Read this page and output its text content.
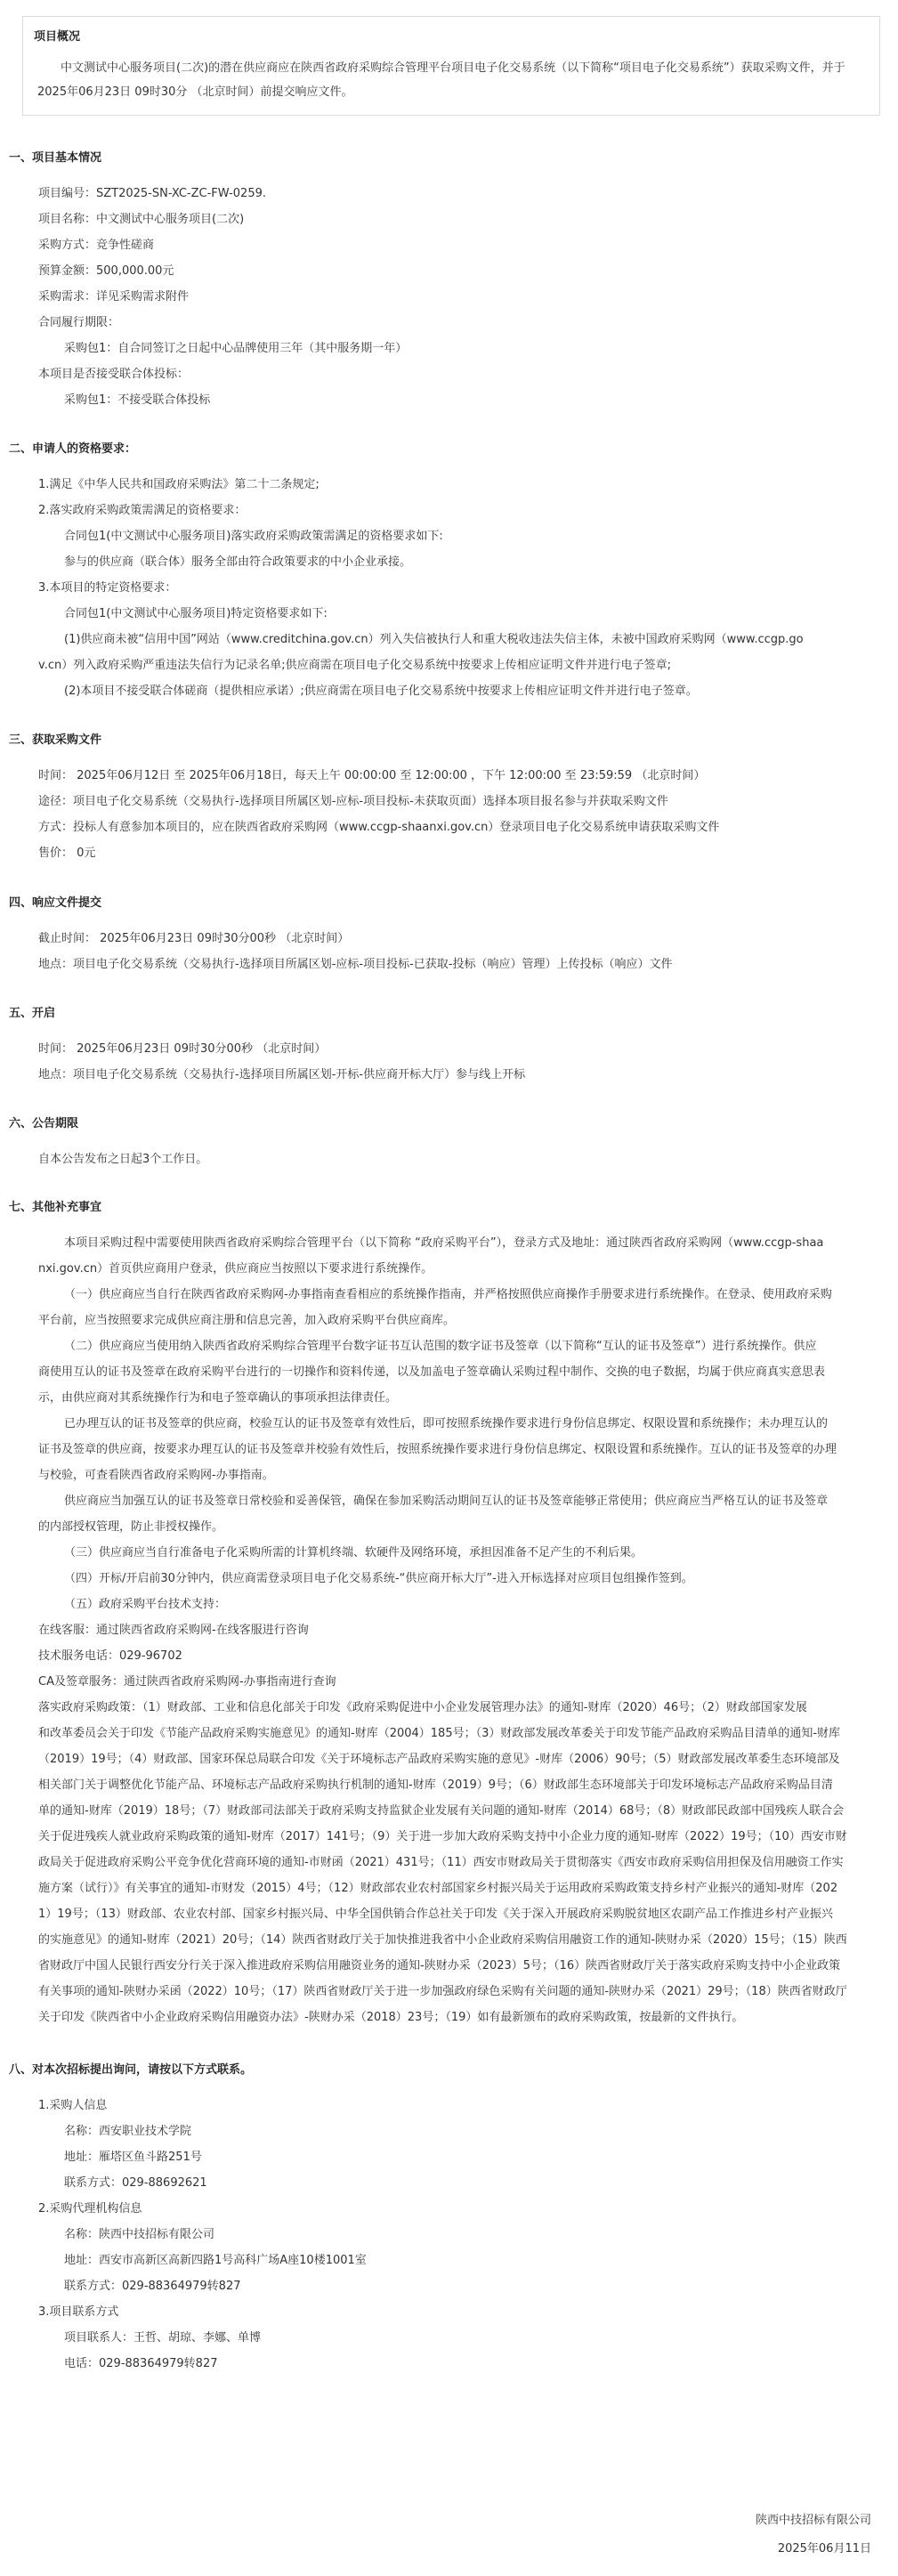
项目概况
中文测试中心服务项目(二次)的潜在供应商应在陕西省政府采购综合管理平台项目电子化交易系统（以下简称“项目电子化交易系统”）获取采购文件，并于 2025年06月23日 09时30分 （北京时间）前提交响应文件。
一、项目基本情况
项目编号：SZT2025-SN-XC-ZC-FW-0259.
项目名称：中文测试中心服务项目(二次)
采购方式：竞争性磋商
预算金额：500,000.00元
采购需求：详见采购需求附件
合同履行期限：
采购包1：自合同签订之日起中心品牌使用三年（其中服务期一年）
本项目是否接受联合体投标：
采购包1：不接受联合体投标
二、申请人的资格要求：
1.满足《中华人民共和国政府采购法》第二十二条规定;
2.落实政府采购政策需满足的资格要求：
合同包1(中文测试中心服务项目)落实政府采购政策需满足的资格要求如下:
参与的供应商（联合体）服务全部由符合政策要求的中小企业承接。
3.本项目的特定资格要求：
合同包1(中文测试中心服务项目)特定资格要求如下:
(1)供应商未被“信用中国”网站（www.creditchina.gov.cn）列入失信被执行人和重大税收违法失信主体，未被中国政府采购网（www.ccgp.go
v.cn）列入政府采购严重违法失信行为记录名单;供应商需在项目电子化交易系统中按要求上传相应证明文件并进行电子签章;
(2)本项目不接受联合体磋商（提供相应承诺）;供应商需在项目电子化交易系统中按要求上传相应证明文件并进行电子签章。
三、获取采购文件
时间： 2025年06月12日 至 2025年06月18日，每天上午 00:00:00 至 12:00:00 ，下午 12:00:00 至 23:59:59 （北京时间）
途径：项目电子化交易系统（交易执行-选择项目所属区划-应标-项目投标-未获取页面）选择本项目报名参与并获取采购文件
方式：投标人有意参加本项目的，应在陕西省政府采购网（www.ccgp-shaanxi.gov.cn）登录项目电子化交易系统申请获取采购文件
售价： 0元
四、响应文件提交
截止时间： 2025年06月23日 09时30分00秒 （北京时间）
地点：项目电子化交易系统（交易执行-选择项目所属区划-应标-项目投标-已获取-投标（响应）管理）上传投标（响应）文件
五、开启
时间： 2025年06月23日 09时30分00秒 （北京时间）
地点：项目电子化交易系统（交易执行-选择项目所属区划-开标-供应商开标大厅）参与线上开标
六、公告期限
自本公告发布之日起3个工作日。
七、其他补充事宜
本项目采购过程中需要使用陕西省政府采购综合管理平台（以下简称 “政府采购平台”），登录方式及地址：通过陕西省政府采购网（www.ccgp-shaa
nxi.gov.cn）首页供应商用户登录，供应商应当按照以下要求进行系统操作。
（一）供应商应当自行在陕西省政府采购网-办事指南查看相应的系统操作指南，并严格按照供应商操作手册要求进行系统操作。在登录、使用政府采购
平台前，应当按照要求完成供应商注册和信息完善，加入政府采购平台供应商库。
（二）供应商应当使用纳入陕西省政府采购综合管理平台数字证书互认范围的数字证书及签章（以下简称“互认的证书及签章”）进行系统操作。供应
商使用互认的证书及签章在政府采购平台进行的一切操作和资料传递，以及加盖电子签章确认采购过程中制作、交换的电子数据，均属于供应商真实意思表
示，由供应商对其系统操作行为和电子签章确认的事项承担法律责任。
已办理互认的证书及签章的供应商，校验互认的证书及签章有效性后，即可按照系统操作要求进行身份信息绑定、权限设置和系统操作；未办理互认的
证书及签章的供应商，按要求办理互认的证书及签章并校验有效性后，按照系统操作要求进行身份信息绑定、权限设置和系统操作。互认的证书及签章的办理
与校验，可查看陕西省政府采购网-办事指南。
供应商应当加强互认的证书及签章日常校验和妥善保管，确保在参加采购活动期间互认的证书及签章能够正常使用；供应商应当严格互认的证书及签章
的内部授权管理，防止非授权操作。
（三）供应商应当自行准备电子化采购所需的计算机终端、软硬件及网络环境，承担因准备不足产生的不利后果。
（四）开标/开启前30分钟内，供应商需登录项目电子化交易系统-“供应商开标大厅”-进入开标选择对应项目包组操作签到。
（五）政府采购平台技术支持：
在线客服：通过陕西省政府采购网-在线客服进行咨询
技术服务电话：029-96702
CA及签章服务：通过陕西省政府采购网-办事指南进行查询
落实政府采购政策：（1）财政部、工业和信息化部关于印发《政府采购促进中小企业发展管理办法》的通知-财库（2020）46号；（2）财政部国家发展
和改革委员会关于印发《节能产品政府采购实施意见》的通知-财库（2004）185号；（3）财政部发展改革委关于印发节能产品政府采购品目清单的通知-财库
（2019）19号；（4）财政部、国家环保总局联合印发《关于环境标志产品政府采购实施的意见》-财库（2006）90号；（5）财政部发展改革委生态环境部及
相关部门关于调整优化节能产品、环境标志产品政府采购执行机制的通知-财库（2019）9号；（6）财政部生态环境部关于印发环境标志产品政府采购品目清
单的通知-财库（2019）18号；（7）财政部司法部关于政府采购支持监狱企业发展有关问题的通知-财库（2014）68号；（8）财政部民政部中国残疾人联合会
关于促进残疾人就业政府采购政策的通知-财库（2017）141号；（9）关于进一步加大政府采购支持中小企业力度的通知-财库（2022）19号；（10）西安市财
政局关于促进政府采购公平竞争优化营商环境的通知-市财函（2021）431号；（11）西安市财政局关于贯彻落实《西安市政府采购信用担保及信用融资工作实
施方案（试行）》有关事宜的通知-市财发（2015）4号；（12）财政部农业农村部国家乡村振兴局关于运用政府采购政策支持乡村产业振兴的通知-财库（202
1）19号；（13）财政部、农业农村部、国家乡村振兴局、中华全国供销合作总社关于印发《关于深入开展政府采购脱贫地区农副产品工作推进乡村产业振兴
的实施意见》的通知-财库（2021）20号；（14）陕西省财政厅关于加快推进我省中小企业政府采购信用融资工作的通知-陕财办采（2020）15号；（15）陕西
省财政厅中国人民银行西安分行关于深入推进政府采购信用融资业务的通知-陕财办采（2023）5号；（16）陕西省财政厅关于落实政府采购支持中小企业政策
有关事项的通知-陕财办采函（2022）10号；（17）陕西省财政厅关于进一步加强政府绿色采购有关问题的通知-陕财办采（2021）29号；（18）陕西省财政厅
关于印发《陕西省中小企业政府采购信用融资办法》-陕财办采（2018）23号；（19）如有最新颁布的政府采购政策，按最新的文件执行。
八、对本次招标提出询问，请按以下方式联系。
1.采购人信息
名称：西安职业技术学院
地址：雁塔区鱼斗路251号
联系方式：029-88692621
2.采购代理机构信息
名称：陕西中技招标有限公司
地址：西安市高新区高新四路1号高科广场A座10楼1001室
联系方式：029-88364979转827
3.项目联系方式
项目联系人：王哲、胡琼、李娜、单博
电话：029-88364979转827
陕西中技招标有限公司
2025年06月11日
